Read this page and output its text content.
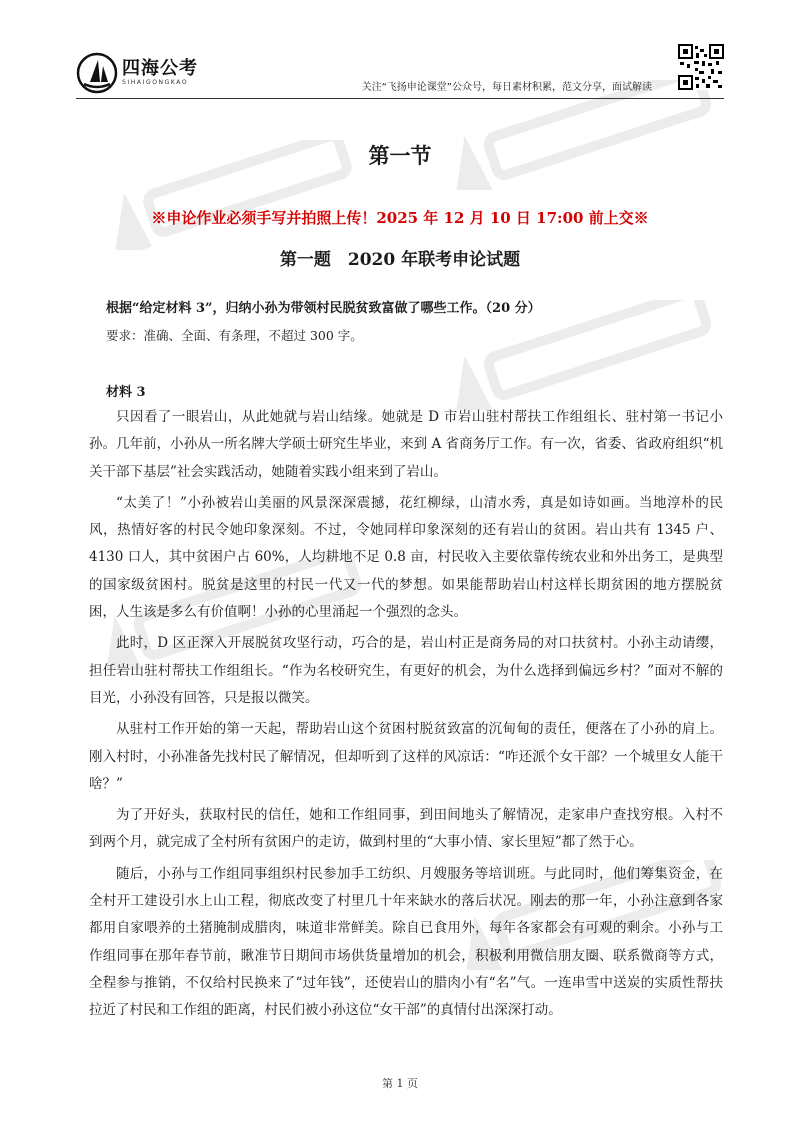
四海公考
SIHAIGONGKAO	关注“飞扬申论课堂”公众号，每日素材积累，范文分享，面试解读
第一节
※申论作业必须手写并拍照上传！2025 年 12 月 10 日 17:00 前上交※
第一题　2020 年联考申论试题
根据“给定材料 3”，归纳小孙为带领村民脱贫致富做了哪些工作。（20 分）
要求：准确、全面、有条理，不超过 300 字。
材料 3

只因看了一眼岩山，从此她就与岩山结缘。她就是 D 市岩山驻村帮扶工作组组长、驻村第一书记小孙。几年前，小孙从一所名牌大学硕士研究生毕业，来到 A 省商务厅工作。有一次，省委、省政府组织“机关干部下基层”社会实践活动，她随着实践小组来到了岩山。

“太美了！”小孙被岩山美丽的风景深深震撼，花红柳绿，山清水秀，真是如诗如画。当地淳朴的民风，热情好客的村民令她印象深刻。不过，令她同样印象深刻的还有岩山的贫困。岩山共有 1345 户、4130 口人，其中贫困户占 60%，人均耕地不足 0.8 亩，村民收入主要依靠传统农业和外出务工，是典型的国家级贫困村。脱贫是这里的村民一代又一代的梦想。如果能帮助岩山村这样长期贫困的地方摆脱贫困，人生该是多么有价值啊！小孙的心里涌起一个强烈的念头。

此时，D 区正深入开展脱贫攻坚行动，巧合的是，岩山村正是商务局的对口扶贫村。小孙主动请缨，担任岩山驻村帮扶工作组组长。“作为名校研究生，有更好的机会，为什么选择到偏远乡村？”面对不解的目光，小孙没有回答，只是报以微笑。

从驻村工作开始的第一天起，帮助岩山这个贫困村脱贫致富的沉甸甸的责任，便落在了小孙的肩上。刚入村时，小孙准备先找村民了解情况，但却听到了这样的风凉话：“咋还派个女干部？一个城里女人能干啥？”

为了开好头，获取村民的信任，她和工作组同事，到田间地头了解情况，走家串户查找穷根。入村不到两个月，就完成了全村所有贫困户的走访，做到村里的“大事小情、家长里短”都了然于心。

随后，小孙与工作组同事组织村民参加手工纺织、月嫂服务等培训班。与此同时，他们筹集资金，在全村开工建设引水上山工程，彻底改变了村里几十年来缺水的落后状况。刚去的那一年，小孙注意到各家都用自家喂养的土猪腌制成腊肉，味道非常鲜美。除自已食用外，每年各家都会有可观的剩余。小孙与工作组同事在那年春节前，瞅准节日期间市场供货量增加的机会，积极利用微信朋友圈、联系微商等方式，全程参与推销，不仅给村民换来了“过年钱”，还使岩山的腊肉小有“名”气。一连串雪中送炭的实质性帮扶拉近了村民和工作组的距离，村民们被小孙这位“女干部”的真情付出深深打动。

第 1 页
